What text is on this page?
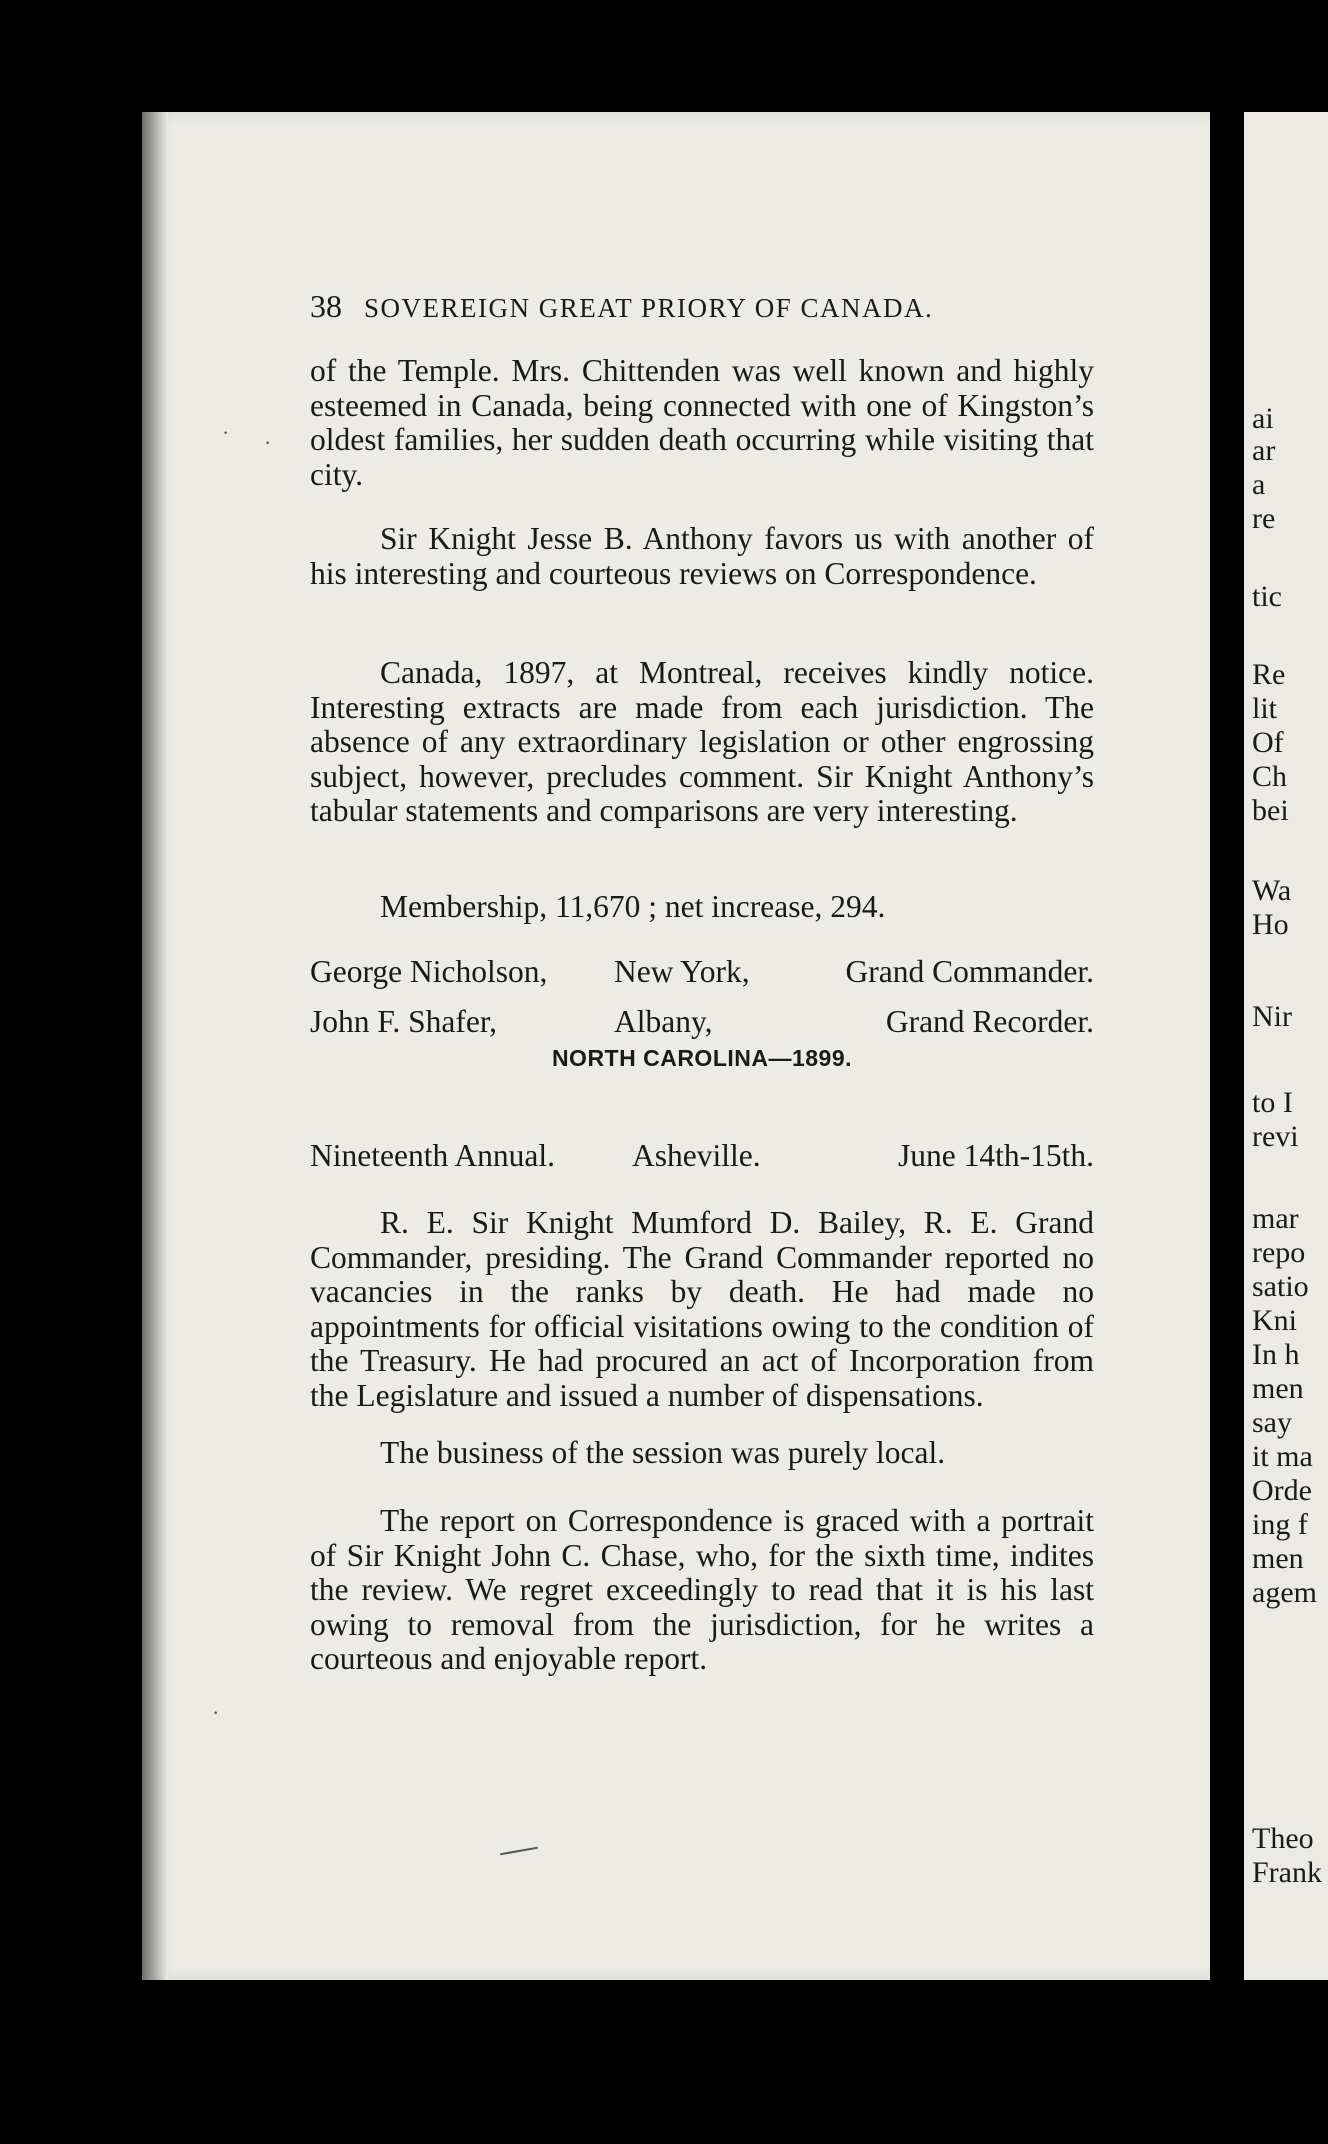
ai
ar
a
re
tic
Re
lit
Of
Ch
bei
Wa
Ho
Nir
to I
revi
mar
repo
satio
Kni
In h
men
say
it ma
Orde
ing f
men
agem
Theo
Frank
38 SOVEREIGN GREAT PRIORY OF CANADA.
of the Temple. Mrs. Chittenden was well known and highly esteemed in Canada, being connected with one of Kingston’s oldest families, her sudden death occurring while visiting that city.
Sir Knight Jesse B. Anthony favors us with another of his interesting and courteous reviews on Correspondence.
Canada, 1897, at Montreal, receives kindly notice. Interesting extracts are made from each jurisdiction. The absence of any extraordinary legislation or other engrossing subject, however, precludes comment. Sir Knight Anthony’s tabular statements and comparisons are very interesting.
Membership, 11,670 ; net increase, 294.
George Nicholson, New York,	Grand Commander.
John F. Shafer,	Albany,	Grand Recorder.
NORTH CAROLINA—1899.
Nineteenth Annual. Asheville.	June 14th-15th.
R. E. Sir Knight Mumford D. Bailey, R. E. Grand Commander, presiding. The Grand Commander reported no vacancies in the ranks by death. He had made no appointments for official visitations owing to the condition of the Treasury. He had procured an act of Incorporation from the Legislature and issued a number of dispensations.
The business of the session was purely local.
The report on Correspondence is graced with a portrait of Sir Knight John C. Chase, who, for the sixth time, indites the review. We regret exceedingly to read that it is his last owing to removal from the jurisdiction, for he writes a courteous and enjoyable report.
· ·
·
